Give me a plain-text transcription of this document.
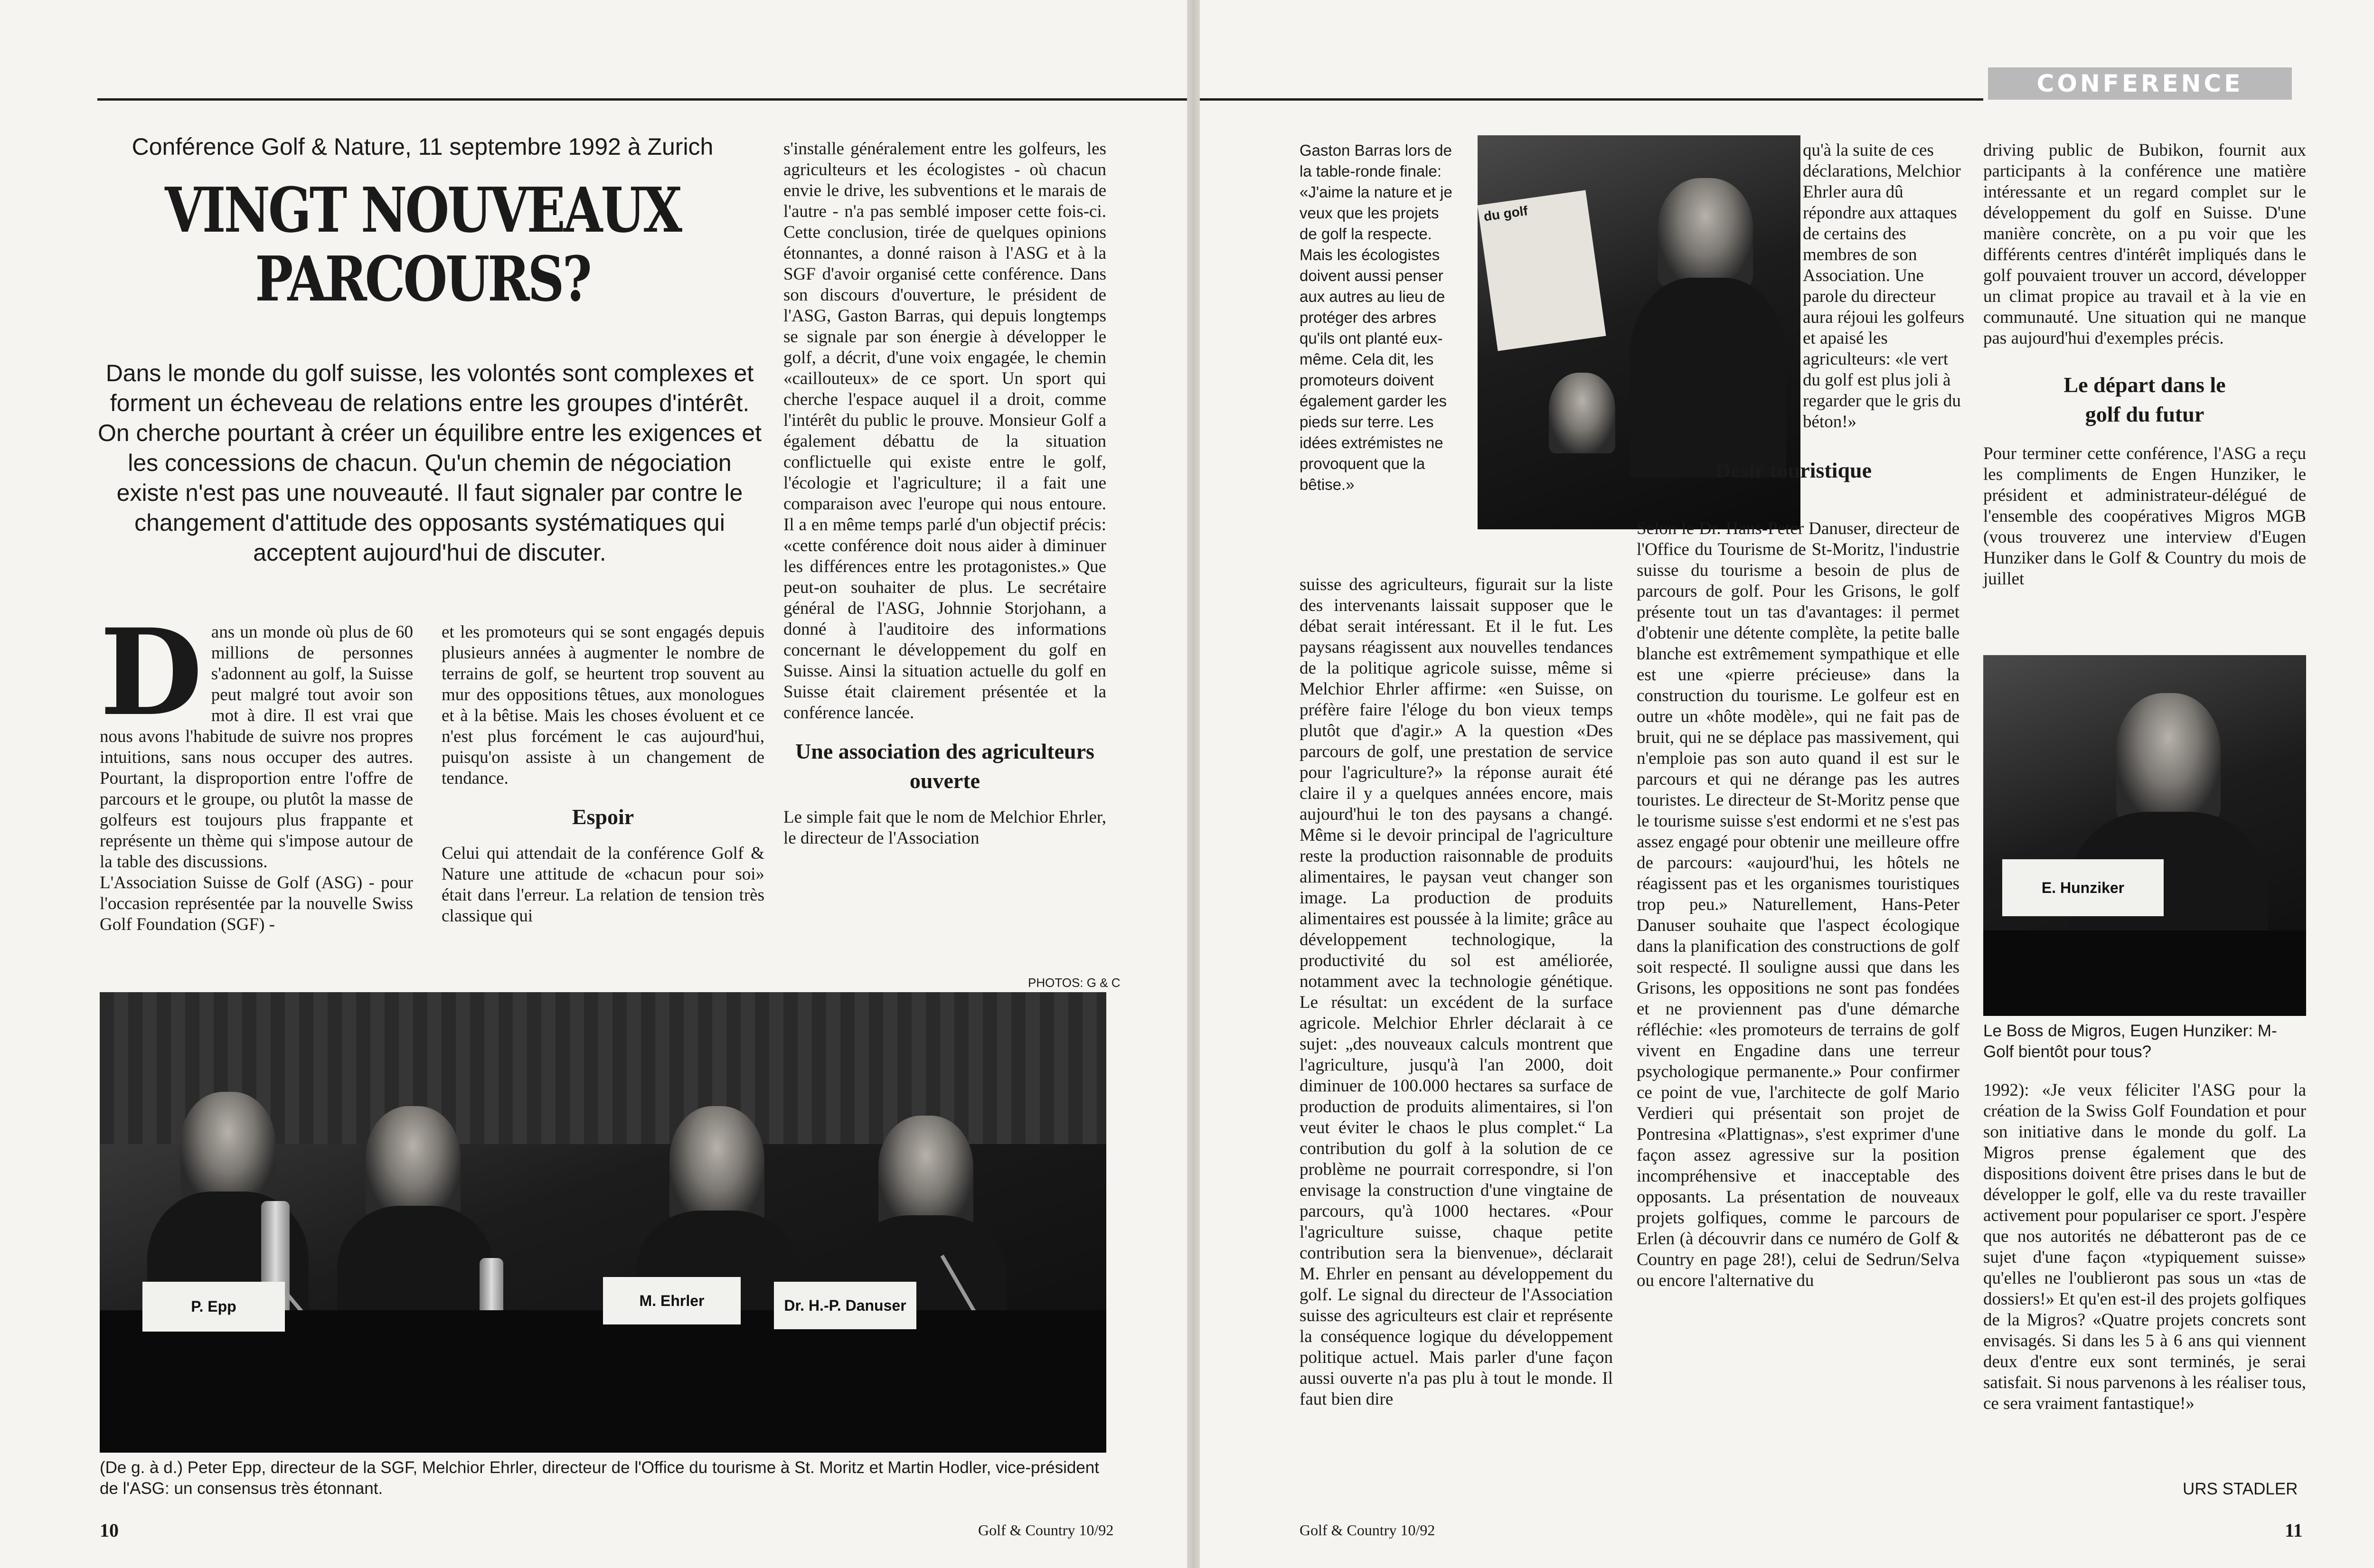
Conférence Golf & Nature, 11 septembre 1992 à Zurich
VINGT NOUVEAUX
PARCOURS?
Dans le monde du golf suisse, les volontés sont complexes et forment un écheveau de relations entre les groupes d'intérêt. On cherche pourtant à créer un équilibre entre les exigences et les concessions de chacun. Qu'un chemin de négociation existe n'est pas une nouveauté. Il faut signaler par contre le changement d'attitude des opposants systématiques qui acceptent aujourd'hui de discuter.
D ans un monde où plus de 60 millions de personnes s'adonnent au golf, la Suisse peut malgré tout avoir son mot à dire. Il est vrai que nous avons l'habitude de suivre nos propres intuitions, sans nous occuper des autres. Pourtant, la disproportion entre l'offre de parcours et le groupe, ou plutôt la masse de golfeurs est toujours plus frappante et représente un thème qui s'impose autour de la table des discussions.

L'Association Suisse de Golf (ASG) - pour l'occasion représentée par la nouvelle Swiss Golf Foundation (SGF) -

et les promoteurs qui se sont engagés depuis plusieurs années à augmenter le nombre de terrains de golf, se heurtent trop souvent au mur des oppositions têtues, aux monologues et à la bêtise. Mais les choses évoluent et ce n'est plus forcément le cas aujourd'hui, puisqu'on assiste à un changement de tendance.

Espoir

Celui qui attendait de la conférence Golf & Nature une attitude de «chacun pour soi» était dans l'erreur. La relation de tension très classique qui

s'installe généralement entre les golfeurs, les agriculteurs et les écologistes - où chacun envie le drive, les subventions et le marais de l'autre - n'a pas semblé imposer cette fois-ci. Cette conclusion, tirée de quelques opinions étonnantes, a donné raison à l'ASG et à la SGF d'avoir organisé cette conférence. Dans son discours d'ouverture, le président de l'ASG, Gaston Barras, qui depuis longtemps se signale par son énergie à développer le golf, a décrit, d'une voix engagée, le chemin «caillouteux» de ce sport. Un sport qui cherche l'espace auquel il a droit, comme l'intérêt du public le prouve. Monsieur Golf a également débattu de la situation conflictuelle qui existe entre le golf, l'écologie et l'agriculture; il a fait une comparaison avec l'europe qui nous entoure. Il a en même temps parlé d'un objectif précis: «cette conférence doit nous aider à diminuer les différences entre les protagonistes.» Que peut-on souhaiter de plus. Le secrétaire général de l'ASG, Johnnie Storjohann, a donné à l'auditoire des informations concernant le développement du golf en Suisse. Ainsi la situation actuelle du golf en Suisse était clairement présentée et la conférence lancée.

Une association des agriculteurs ouverte

Le simple fait que le nom de Melchior Ehrler, le directeur de l'Association

PHOTOS: G & C
P. Epp	M. Ehrler	Dr. H.-P. Danuser
(De g. à d.) Peter Epp, directeur de la SGF, Melchior Ehrler, directeur de l'Office du tourisme à St. Moritz et Martin Hodler, vice-président de l'ASG: un consensus très étonnant.
10	Golf & Country 10/92
CONFERENCE
Gaston Barras lors de la table-ronde finale: «J'aime la nature et je veux que les projets de golf la respecte. Mais les écologistes doivent aussi penser aux autres au lieu de protéger des arbres qu'ils ont planté eux-même. Cela dit, les promoteurs doivent également garder les pieds sur terre. Les idées extrémistes ne provoquent que la bêtise.»
du golf
qu'à la suite de ces déclarations, Melchior Ehrler aura dû répondre aux attaques de certains des membres de son Association. Une parole du directeur aura réjoui les golfeurs et apaisé les agriculteurs: «le vert du golf est plus joli à regarder que le gris du béton!»
suisse des agriculteurs, figurait sur la liste des intervenants laissait supposer que le débat serait intéressant. Et il le fut. Les paysans réagissent aux nouvelles tendances de la politique agricole suisse, même si Melchior Ehrler affirme: «en Suisse, on préfère faire l'éloge du bon vieux temps plutôt que d'agir.» A la question «Des parcours de golf, une prestation de service pour l'agriculture?» la réponse aurait été claire il y a quelques années encore, mais aujourd'hui le ton des paysans a changé. Même si le devoir principal de l'agriculture reste la production raisonnable de produits alimentaires, le paysan veut changer son image. La production de produits alimentaires est poussée à la limite; grâce au développement technologique, la productivité du sol est améliorée, notamment avec la technologie génétique. Le résultat: un excédent de la surface agricole. Melchior Ehrler déclarait à ce sujet: „des nouveaux calculs montrent que l'agriculture, jusqu'à l'an 2000, doit diminuer de 100.000 hectares sa surface de production de produits alimentaires, si l'on veut éviter le chaos le plus complet.“ La contribution du golf à la solution de ce problème ne pourrait correspondre, si l'on envisage la construction d'une vingtaine de parcours, qu'à 1000 hectares. «Pour l'agriculture suisse, chaque petite contribution sera la bienvenue», déclarait M. Ehrler en pensant au développement du golf. Le signal du directeur de l'Association suisse des agriculteurs est clair et représente la conséquence logique du développement politique actuel. Mais parler d'une façon aussi ouverte n'a pas plu à tout le monde. Il faut bien dire
Désir touristique

Selon le Dr. Hans-Peter Danuser, directeur de l'Office du Tourisme de St-Moritz, l'industrie suisse du tourisme a besoin de plus de parcours de golf. Pour les Grisons, le golf présente tout un tas d'avantages: il permet d'obtenir une détente complète, la petite balle blanche est extrêmement sympathique et elle est une «pierre précieuse» dans la construction du tourisme. Le golfeur est en outre un «hôte modèle», qui ne fait pas de bruit, qui ne se déplace pas massivement, qui n'emploie pas son auto quand il est sur le parcours et qui ne dérange pas les autres touristes. Le directeur de St-Moritz pense que le tourisme suisse s'est endormi et ne s'est pas assez engagé pour obtenir une meilleure offre de parcours: «aujourd'hui, les hôtels ne réagissent pas et les organismes touristiques trop peu.» Naturellement, Hans-Peter Danuser souhaite que l'aspect écologique dans la planification des constructions de golf soit respecté. Il souligne aussi que dans les Grisons, les oppositions ne sont pas fondées et ne proviennent pas d'une démarche réfléchie: «les promoteurs de terrains de golf vivent en Engadine dans une terreur psychologique permanente.» Pour confirmer ce point de vue, l'architecte de golf Mario Verdieri qui présentait son projet de Pontresina «Plattignas», s'est exprimer d'une façon assez agressive sur la position incompréhensive et inacceptable des opposants. La présentation de nouveaux projets golfiques, comme le parcours de Erlen (à découvrir dans ce numéro de Golf & Country en page 28!), celui de Sedrun/Selva ou encore l'alternative du

driving public de Bubikon, fournit aux participants à la conférence une matière intéressante et un regard complet sur le développement du golf en Suisse. D'une manière concrète, on a pu voir que les différents centres d'intérêt impliqués dans le golf pouvaient trouver un accord, développer un climat propice au travail et à la vie en communauté. Une situation qui ne manque pas aujourd'hui d'exemples précis.

Le départ dans le golf du futur

Pour terminer cette conférence, l'ASG a reçu les compliments de Engen Hunziker, le président et administrateur-délégué de l'ensemble des coopératives Migros MGB (vous trouverez une interview d'Eugen Hunziker dans le Golf & Country du mois de juillet

E. Hunziker
Le Boss de Migros, Eugen Hunziker: M-Golf bientôt pour tous?
1992): «Je veux féliciter l'ASG pour la création de la Swiss Golf Foundation et pour son initiative dans le monde du golf. La Migros prense également que des dispositions doivent être prises dans le but de développer le golf, elle va du reste travailler activement pour populariser ce sport. J'espère que nos autorités ne débatteront pas de ce sujet d'une façon «typiquement suisse» qu'elles ne l'oublieront pas sous un «tas de dossiers!» Et qu'en est-il des projets golfiques de la Migros? «Quatre projets concrets sont envisagés. Si dans les 5 à 6 ans qui viennent deux d'entre eux sont terminés, je serai satisfait. Si nous parvenons à les réaliser tous, ce sera vraiment fantastique!»
URS STADLER
Golf & Country 10/92	11
